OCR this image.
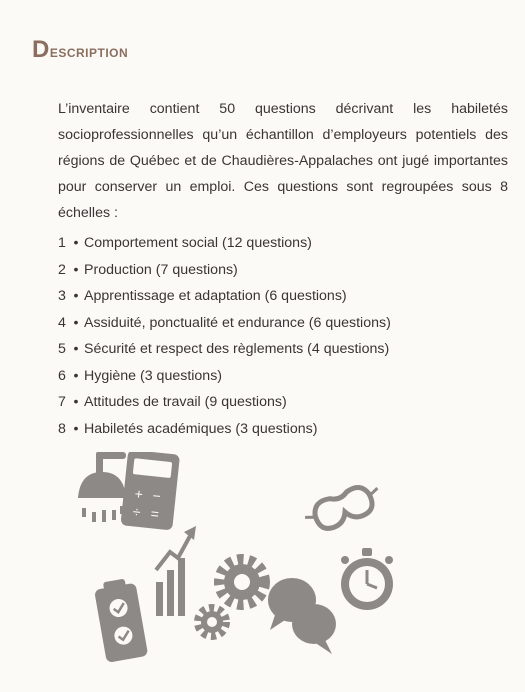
Description

L’inventaire contient 50 questions décrivant les habiletés socioprofessionnelles qu’un échantillon d’employeurs potentiels des régions de Québec et de Chaudières-Appalaches ont jugé importantes pour conserver un emploi. Ces questions sont regroupées sous 8 échelles :

1 • Comportement social (12 questions)
2 • Production (7 questions)
3 • Apprentissage et adaptation (6 questions)
4 • Assiduité, ponctualité et endurance (6 questions)
5 • Sécurité et respect des règlements (4 questions)
6 • Hygiène (3 questions)
7 • Attitudes de travail (9 questions)
8 • Habiletés académiques (3 questions)
+ −
÷ =
